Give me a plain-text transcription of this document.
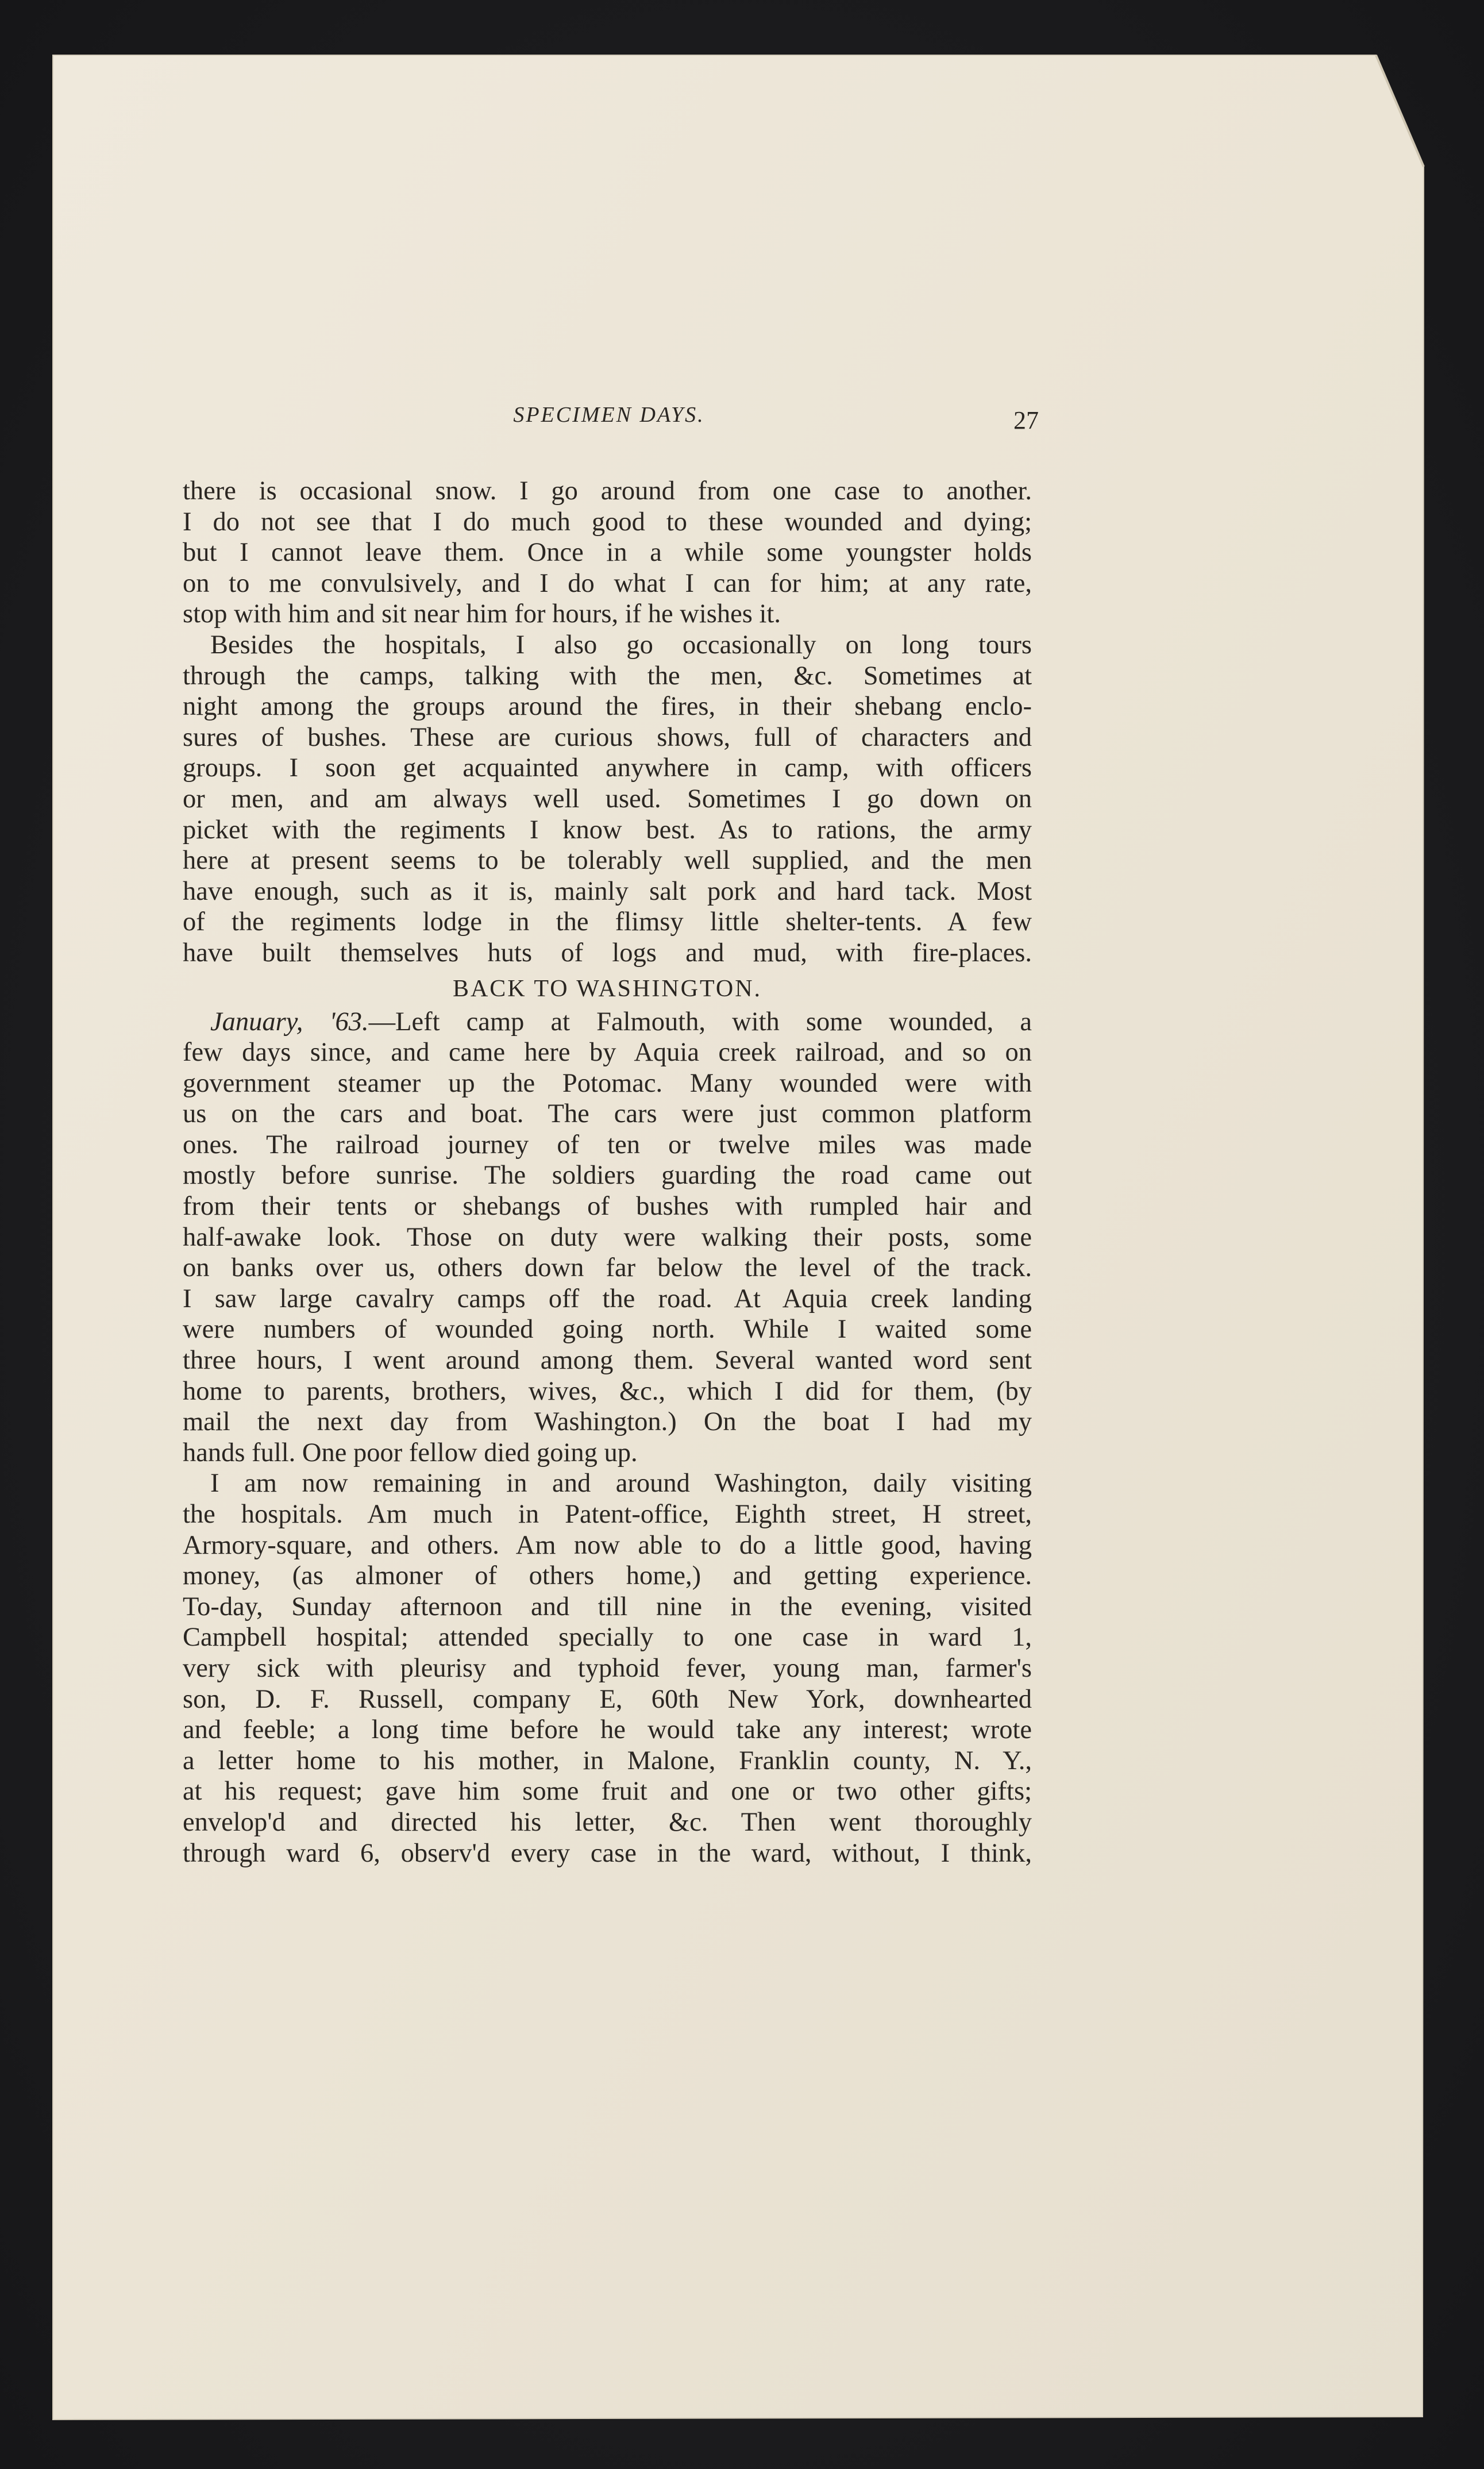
SPECIMEN DAYS.	27
there is occasional snow. I go around from one case to another.
I do not see that I do much good to these wounded and dying;
but I cannot leave them. Once in a while some youngster holds
on to me convulsively, and I do what I can for him; at any rate,
stop with him and sit near him for hours, if he wishes it.
Besides the hospitals, I also go occasionally on long tours
through the camps, talking with the men, &c. Sometimes at
night among the groups around the fires, in their shebang enclo-
sures of bushes. These are curious shows, full of characters and
groups. I soon get acquainted anywhere in camp, with officers
or men, and am always well used. Sometimes I go down on
picket with the regiments I know best. As to rations, the army
here at present seems to be tolerably well supplied, and the men
have enough, such as it is, mainly salt pork and hard tack. Most
of the regiments lodge in the flimsy little shelter-tents. A few
have built themselves huts of logs and mud, with fire-places.
BACK TO WASHINGTON.
January, '63.—Left camp at Falmouth, with some wounded, a
few days since, and came here by Aquia creek railroad, and so on
government steamer up the Potomac. Many wounded were with
us on the cars and boat. The cars were just common platform
ones. The railroad journey of ten or twelve miles was made
mostly before sunrise. The soldiers guarding the road came out
from their tents or shebangs of bushes with rumpled hair and
half-awake look. Those on duty were walking their posts, some
on banks over us, others down far below the level of the track.
I saw large cavalry camps off the road. At Aquia creek landing
were numbers of wounded going north. While I waited some
three hours, I went around among them. Several wanted word sent
home to parents, brothers, wives, &c., which I did for them, (by
mail the next day from Washington.) On the boat I had my
hands full. One poor fellow died going up.
I am now remaining in and around Washington, daily visiting
the hospitals. Am much in Patent-office, Eighth street, H street,
Armory-square, and others. Am now able to do a little good, having
money, (as almoner of others home,) and getting experience.
To-day, Sunday afternoon and till nine in the evening, visited
Campbell hospital; attended specially to one case in ward 1,
very sick with pleurisy and typhoid fever, young man, farmer's
son, D. F. Russell, company E, 60th New York, downhearted
and feeble; a long time before he would take any interest; wrote
a letter home to his mother, in Malone, Franklin county, N. Y.,
at his request; gave him some fruit and one or two other gifts;
envelop'd and directed his letter, &c. Then went thoroughly
through ward 6, observ'd every case in the ward, without, I think,
